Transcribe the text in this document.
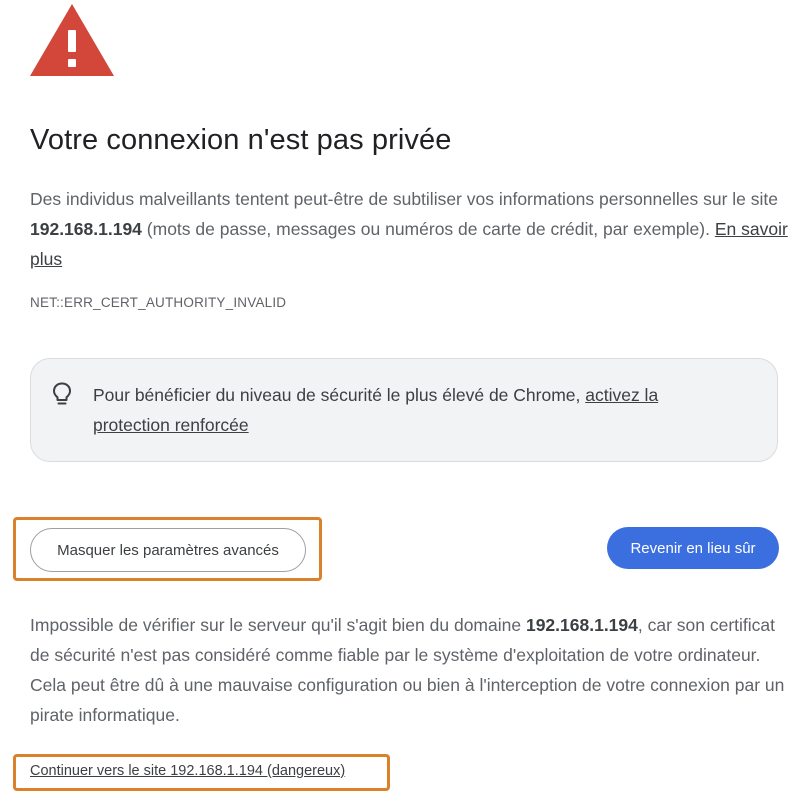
Votre connexion n'est pas privée

Des individus malveillants tentent peut-être de subtiliser vos informations personnelles sur le site 192.168.1.194 (mots de passe, messages ou numéros de carte de crédit, par exemple). En savoir plus

NET::ERR_CERT_AUTHORITY_INVALID

Pour bénéficier du niveau de sécurité le plus élevé de Chrome, activez la protection renforcée

Masquer les paramètres avancés	Revenir en lieu sûr

Impossible de vérifier sur le serveur qu'il s'agit bien du domaine 192.168.1.194, car son certificat de sécurité n'est pas considéré comme fiable par le système d'exploitation de votre ordinateur. Cela peut être dû à une mauvaise configuration ou bien à l'interception de votre connexion par un pirate informatique.

Continuer vers le site 192.168.1.194 (dangereux)
